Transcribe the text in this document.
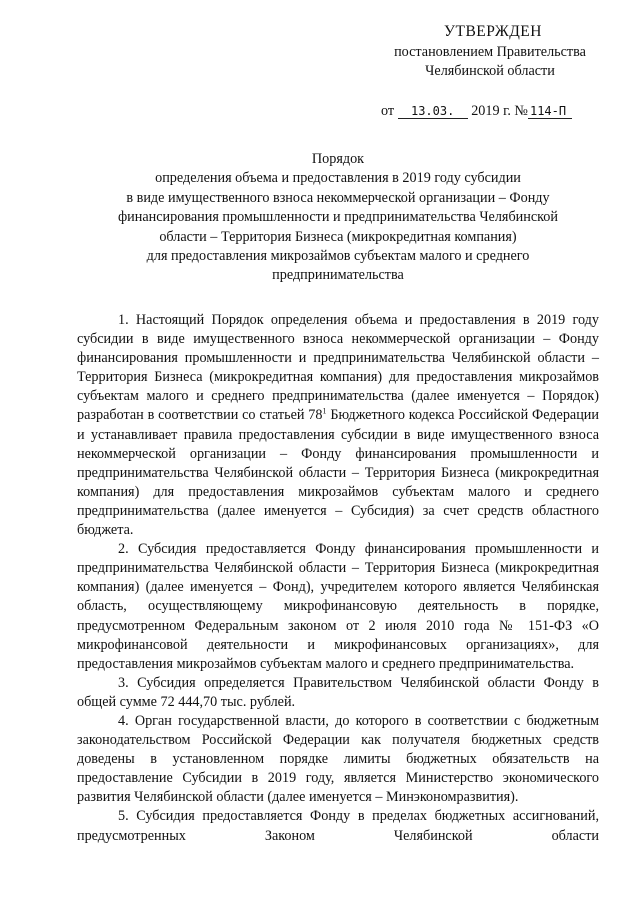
УТВЕРЖДЕН
постановлением Правительства
Челябинской области
от 13.03. 2019 г. № 114-П
Порядок
определения объема и предоставления в 2019 году субсидии
в виде имущественного взноса некоммерческой организации – Фонду
финансирования промышленности и предпринимательства Челябинской
области – Территория Бизнеса (микрокредитная компания)
для предоставления микрозаймов субъектам малого и среднего
предпринимательства

1. Настоящий Порядок определения объема и предоставления в 2019 году субсидии в виде имущественного взноса некоммерческой организации – Фонду финансирования промышленности и предпринимательства Челябинской области – Территория Бизнеса (микрокредитная компания) для предоставления микрозаймов субъектам малого и среднего предпринимательства (далее именуется – Порядок) разработан в соответствии со статьей $78^1$ Бюджетного кодекса Российской Федерации и устанавливает правила предоставления субсидии в виде имущественного взноса некоммерческой организации – Фонду финансирования промышленности и предпринимательства Челябинской области – Территория Бизнеса (микрокредитная компания) для предоставления микрозаймов субъектам малого и среднего предпринимательства (далее именуется – Субсидия) за счет средств областного бюджета.

2. Субсидия предоставляется Фонду финансирования промышленности и предпринимательства Челябинской области – Территория Бизнеса (микрокредитная компания) (далее именуется – Фонд), учредителем которого является Челябинская область, осуществляющему микрофинансовую деятельность в порядке, предусмотренном Федеральным законом от 2 июля 2010 года № 151-ФЗ «О микрофинансовой деятельности и микрофинансовых организациях», для предоставления микрозаймов субъектам малого и среднего предпринимательства.

3. Субсидия определяется Правительством Челябинской области Фонду в общей сумме 72 444,70 тыс. рублей.

4. Орган государственной власти, до которого в соответствии с бюджетным законодательством Российской Федерации как получателя бюджетных средств доведены в установленном порядке лимиты бюджетных обязательств на предоставление Субсидии в 2019 году, является Министерство экономического развития Челябинской области (далее именуется – Минэкономразвития).

5. Субсидия предоставляется Фонду в пределах бюджетных ассигнований, предусмотренных Законом Челябинской области
